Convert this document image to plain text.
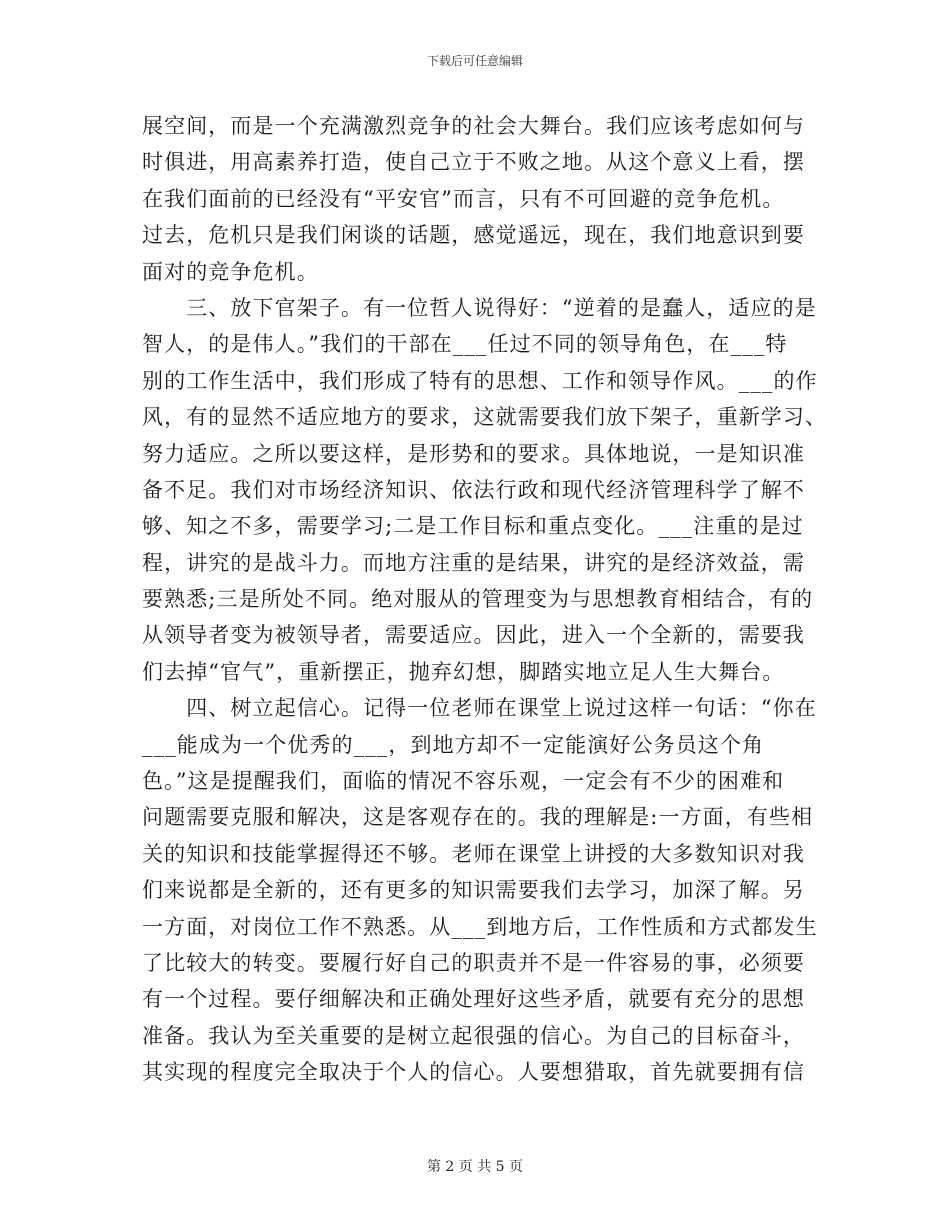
下载后可任意编辑
展空间，而是一个充满激烈竞争的社会大舞台。我们应该考虑如何与
时俱进，用高素养打造，使自己立于不败之地。从这个意义上看，摆
在我们面前的已经没有“平安官”而言，只有不可回避的竞争危机。
过去，危机只是我们闲谈的话题，感觉遥远，现在，我们地意识到要
面对的竞争危机。
　　三、放下官架子。有一位哲人说得好：“逆着的是蠢人，适应的是
智人，的是伟人。”我们的干部在___任过不同的领导角色，在___特
别的工作生活中，我们形成了特有的思想、工作和领导作风。___的作
风，有的显然不适应地方的要求，这就需要我们放下架子，重新学习、
努力适应。之所以要这样，是形势和的要求。具体地说，一是知识准
备不足。我们对市场经济知识、依法行政和现代经济管理科学了解不
够、知之不多，需要学习;二是工作目标和重点变化。___注重的是过
程，讲究的是战斗力。而地方注重的是结果，讲究的是经济效益，需
要熟悉;三是所处不同。绝对服从的管理变为与思想教育相结合，有的
从领导者变为被领导者，需要适应。因此，进入一个全新的，需要我
们去掉“官气”，重新摆正，抛弃幻想，脚踏实地立足人生大舞台。
　　四、树立起信心。记得一位老师在课堂上说过这样一句话：“你在
___能成为一个优秀的___，到地方却不一定能演好公务员这个角
色。”这是提醒我们，面临的情况不容乐观，一定会有不少的困难和
问题需要克服和解决，这是客观存在的。我的理解是:一方面，有些相
关的知识和技能掌握得还不够。老师在课堂上讲授的大多数知识对我
们来说都是全新的，还有更多的知识需要我们去学习，加深了解。另
一方面，对岗位工作不熟悉。从___到地方后，工作性质和方式都发生
了比较大的转变。要履行好自己的职责并不是一件容易的事，必须要
有一个过程。要仔细解决和正确处理好这些矛盾，就要有充分的思想
准备。我认为至关重要的是树立起很强的信心。为自己的目标奋斗，
其实现的程度完全取决于个人的信心。人要想猎取，首先就要拥有信
第 2 页 共 5 页
